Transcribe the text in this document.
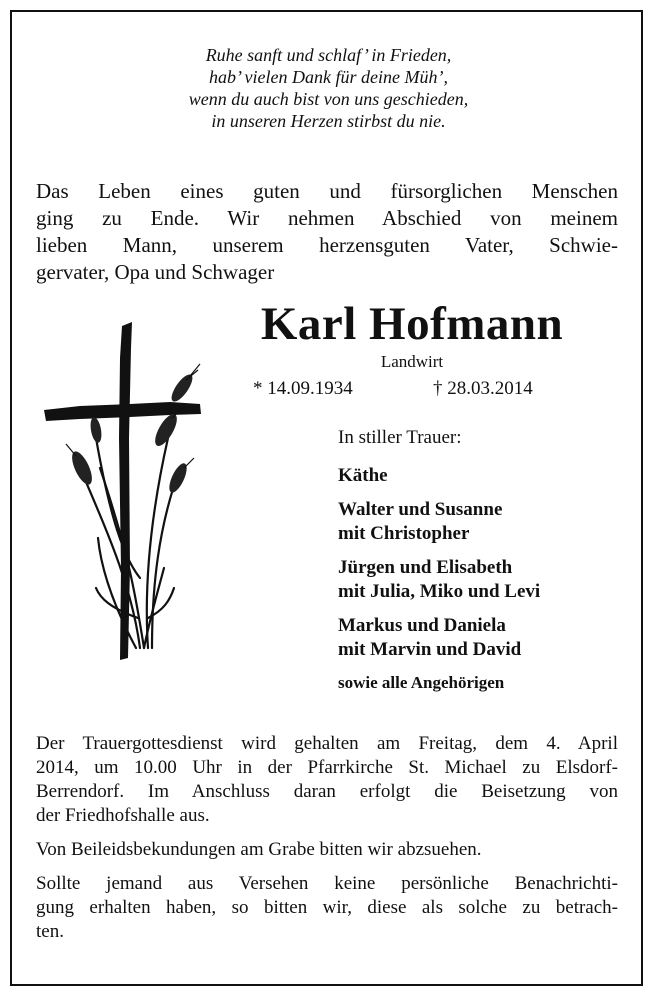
Ruhe sanft und schlaf’ in Frieden,
hab’ vielen Dank für deine Müh’,
wenn du auch bist von uns geschieden,
in unseren Herzen stirbst du nie.
Das Leben eines guten und fürsorglichen Menschen
ging zu Ende. Wir nehmen Abschied von meinem
lieben Mann, unserem herzensguten Vater, Schwie-
gervater, Opa und Schwager
Karl Hofmann
Landwirt
* 14.09.1934	† 28.03.2014
In stiller Trauer:
Käthe
Walter und Susanne
mit Christopher
Jürgen und Elisabeth
mit Julia, Miko und Levi
Markus und Daniela
mit Marvin und David
sowie alle Angehörigen

Der Trauergottesdienst wird gehalten am Freitag, dem 4. April
2014, um 10.00 Uhr in der Pfarrkirche St. Michael zu Elsdorf-
Berrendorf. Im Anschluss daran erfolgt die Beisetzung von
der Friedhofshalle aus.

Von Beileidsbekundungen am Grabe bitten wir abzsuehen.

Sollte jemand aus Versehen keine persönliche Benachrichti-
gung erhalten haben, so bitten wir, diese als solche zu betrach-
ten.
